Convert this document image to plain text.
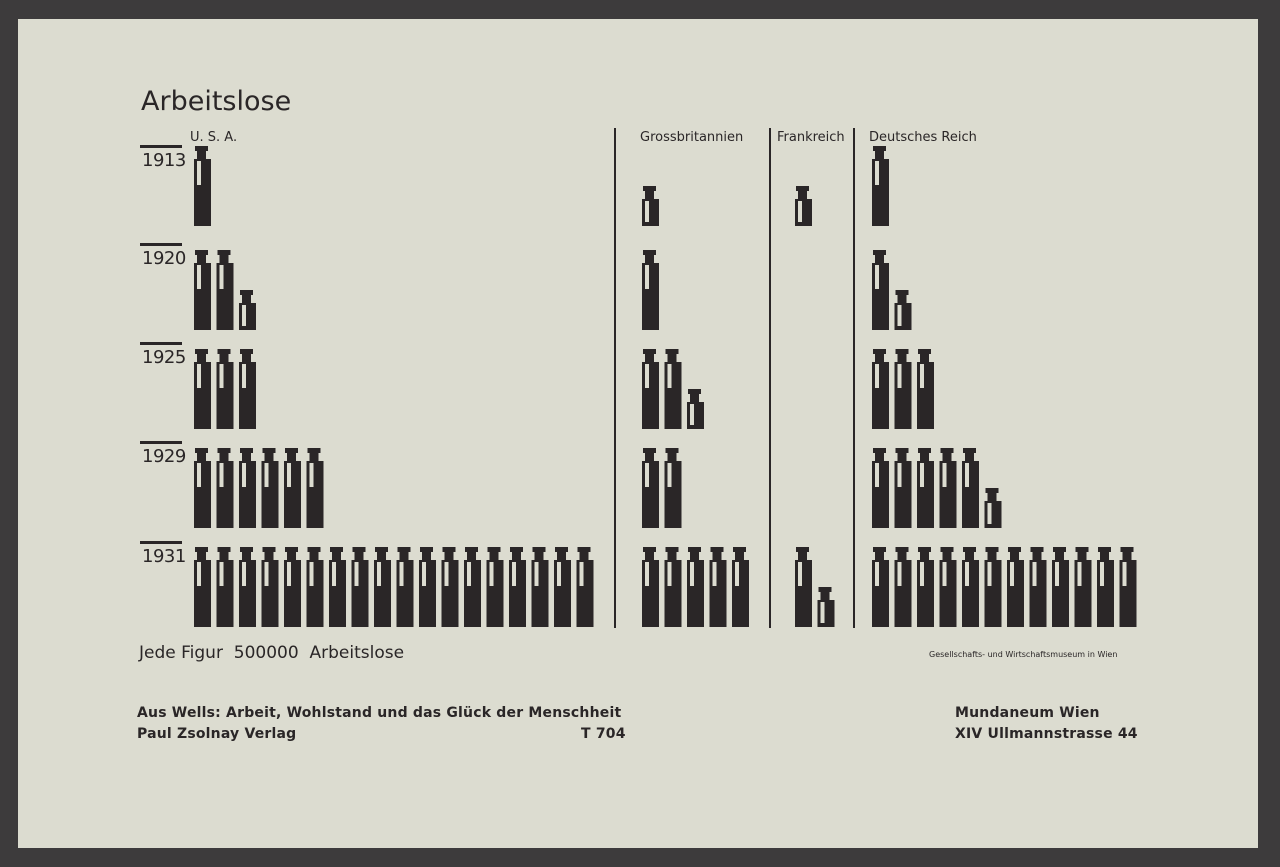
Arbeitslose
U. S. A.	Grossbritannien	Frankreich Deutsches Reich
1913
1920
1925
1929
1931
Jede Figur 500000 Arbeitslose	Gesellschafts- und Wirtschaftsmuseum in Wien
Aus Wells: Arbeit, Wohlstand und das Glück der Menschheit
Paul Zsolnay Verlag	T 704
Mundaneum Wien
XIV Ullmannstrasse 44
